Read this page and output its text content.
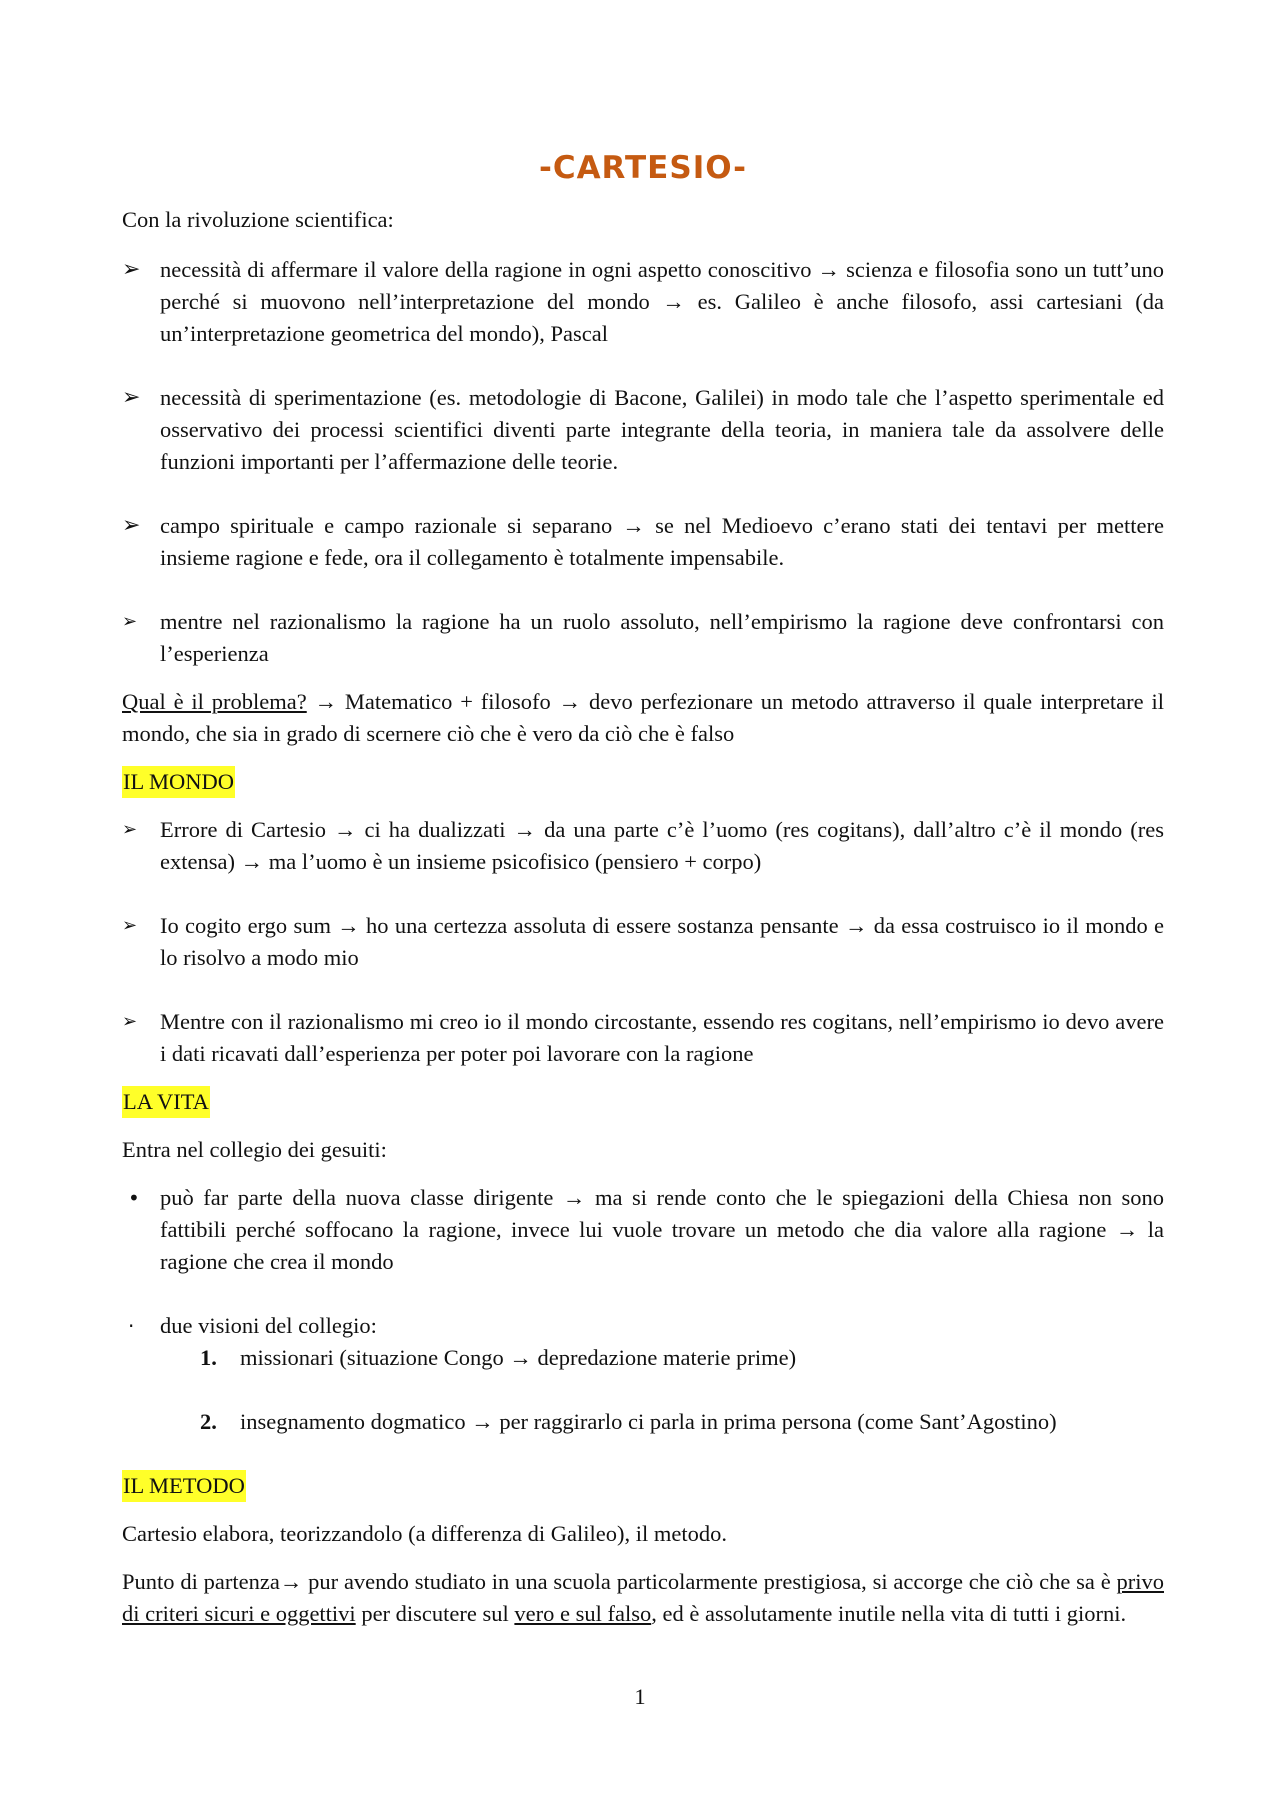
-CARTESIO-

Con la rivoluzione scientifica:

➢ necessità di affermare il valore della ragione in ogni aspetto conoscitivo → scienza e filosofia sono un tutt’uno perché si muovono nell’interpretazione del mondo → es. Galileo è anche filosofo, assi cartesiani (da un’interpretazione geometrica del mondo), Pascal
➢ necessità di sperimentazione (es. metodologie di Bacone, Galilei) in modo tale che l’aspetto sperimentale ed osservativo dei processi scientifici diventi parte integrante della teoria, in maniera tale da assolvere delle funzioni importanti per l’affermazione delle teorie.
➢ campo spirituale e campo razionale si separano → se nel Medioevo c’erano stati dei tentavi per mettere insieme ragione e fede, ora il collegamento è totalmente impensabile.
➢ mentre nel razionalismo la ragione ha un ruolo assoluto, nell’empirismo la ragione deve confrontarsi con l’esperienza

Qual è il problema? → Matematico + filosofo → devo perfezionare un metodo attraverso il quale interpretare il mondo, che sia in grado di scernere ciò che è vero da ciò che è falso

IL MONDO
➢ Errore di Cartesio → ci ha dualizzati → da una parte c’è l’uomo (res cogitans), dall’altro c’è il mondo (res extensa) → ma l’uomo è un insieme psicofisico (pensiero + corpo)
➢ Io cogito ergo sum → ho una certezza assoluta di essere sostanza pensante → da essa costruisco io il mondo e lo risolvo a modo mio
➢ Mentre con il razionalismo mi creo io il mondo circostante, essendo res cogitans, nell’empirismo io devo avere i dati ricavati dall’esperienza per poter poi lavorare con la ragione
LA VITA

Entra nel collegio dei gesuiti:

• può far parte della nuova classe dirigente → ma si rende conto che le spiegazioni della Chiesa non sono fattibili perché soffocano la ragione, invece lui vuole trovare un metodo che dia valore alla ragione → la ragione che crea il mondo
· due visioni del collegio:
1. missionari (situazione Congo → depredazione materie prime)
2. insegnamento dogmatico → per raggirarlo ci parla in prima persona (come Sant’Agostino)
IL METODO

Cartesio elabora, teorizzandolo (a differenza di Galileo), il metodo.

Punto di partenza→ pur avendo studiato in una scuola particolarmente prestigiosa, si accorge che ciò che sa è privo di criteri sicuri e oggettivi per discutere sul vero e sul falso, ed è assolutamente inutile nella vita di tutti i giorni.

1
